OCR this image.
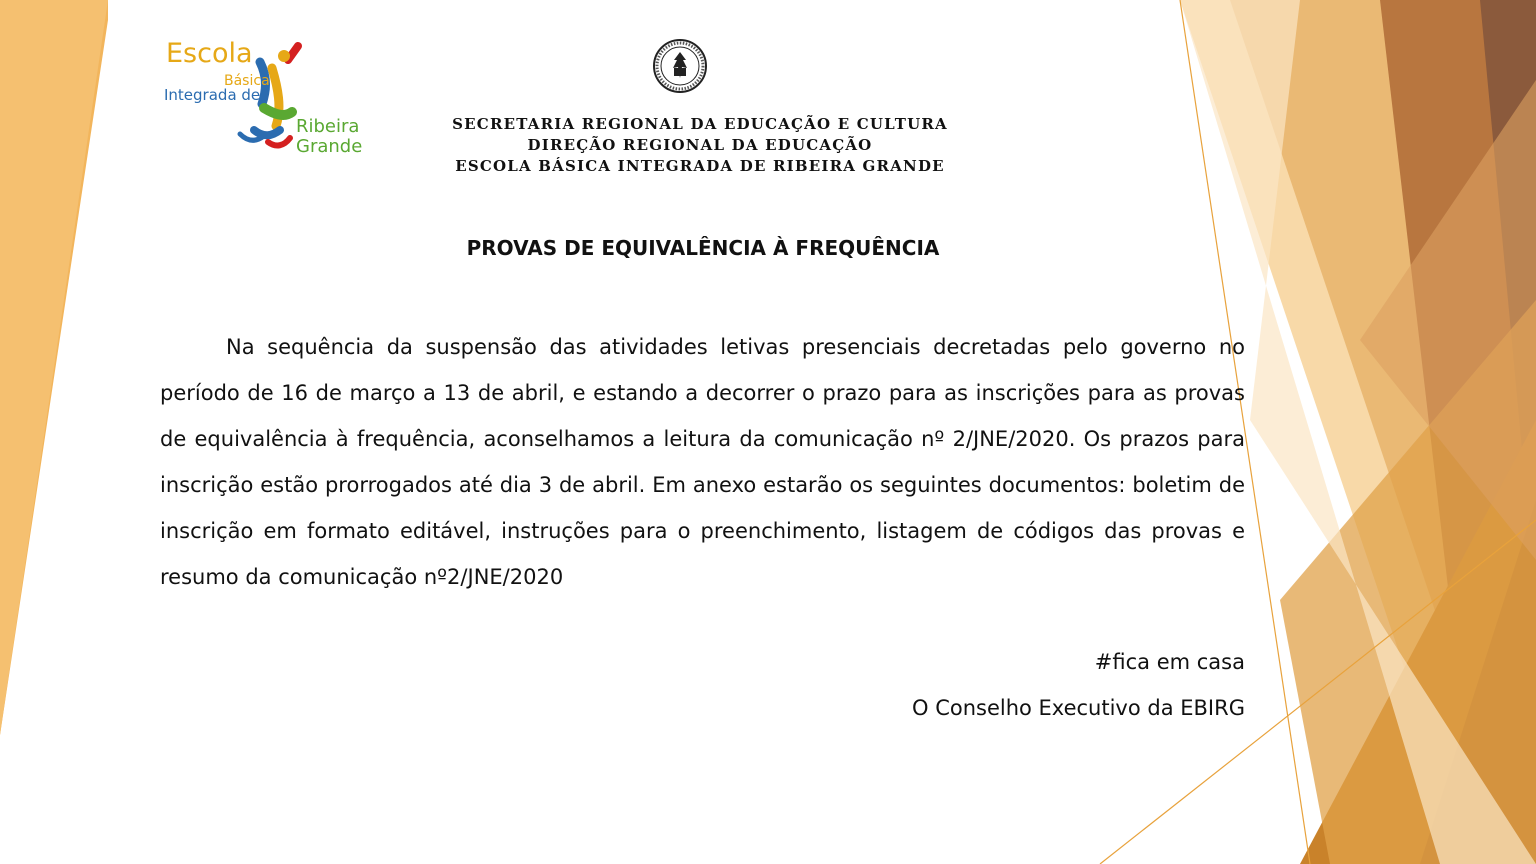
Escola
Básica
Integrada de
Ribeira
Grande
SECRETARIA REGIONAL DA EDUCAÇÃO E CULTURA
DIREÇÃO REGIONAL DA EDUCAÇÃO
ESCOLA BÁSICA INTEGRADA DE RIBEIRA GRANDE
PROVAS DE EQUIVALÊNCIA À FREQUÊNCIA

Na sequência da suspensão das atividades letivas presenciais decretadas pelo governo no período de 16 de março a 13 de abril, e estando a decorrer o prazo para as inscrições para as provas de equivalência à frequência, aconselhamos a leitura da comunicação nº 2/JNE/2020. Os prazos para inscrição estão prorrogados até dia 3 de abril. Em anexo estarão os seguintes documentos: boletim de inscrição em formato editável, instruções para o preenchimento, listagem de códigos das provas e resumo da comunicação nº2/JNE/2020

#fica em casa
O Conselho Executivo da EBIRG
